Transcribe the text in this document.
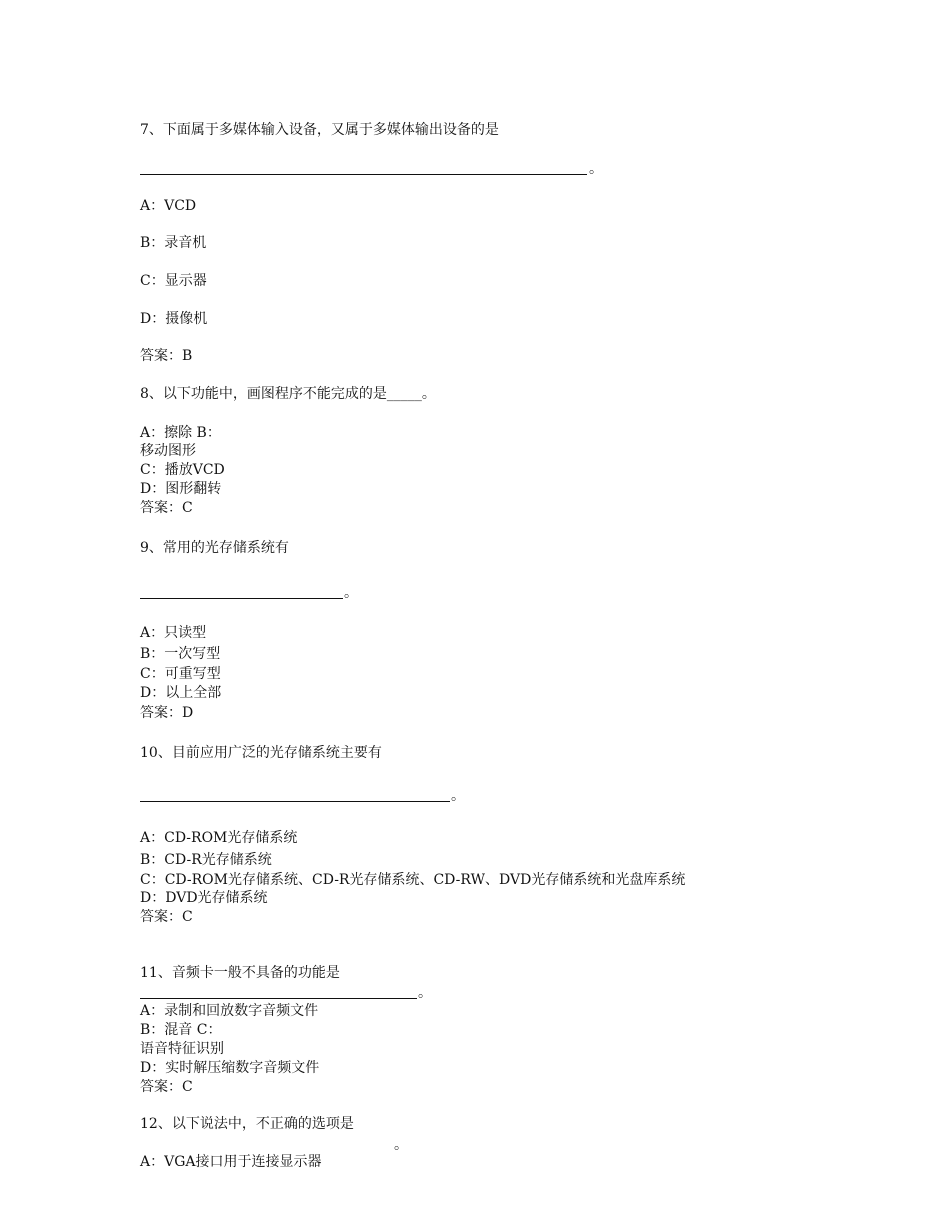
7、下面属于多媒体输入设备，又属于多媒体输出设备的是
。
A：VCD
B：录音机
C：显示器
D：摄像机
答案：B
8、以下功能中，画图程序不能完成的是_____。
A：擦除 B：
移动图形
C：播放VCD
D：图形翻转
答案：C
9、常用的光存储系统有
。
A：只读型
B：一次写型
C：可重写型
D：以上全部
答案：D
10、目前应用广泛的光存储系统主要有
。
A：CD-ROM光存储系统
B：CD-R光存储系统
C：CD-ROM光存储系统、CD-R光存储系统、CD-RW、DVD光存储系统和光盘库系统
D：DVD光存储系统
答案：C
11、音频卡一般不具备的功能是
。
A：录制和回放数字音频文件
B：混音 C：
语音特征识别
D：实时解压缩数字音频文件
答案：C
12、以下说法中，不正确的选项是
。
A：VGA接口用于连接显示器
